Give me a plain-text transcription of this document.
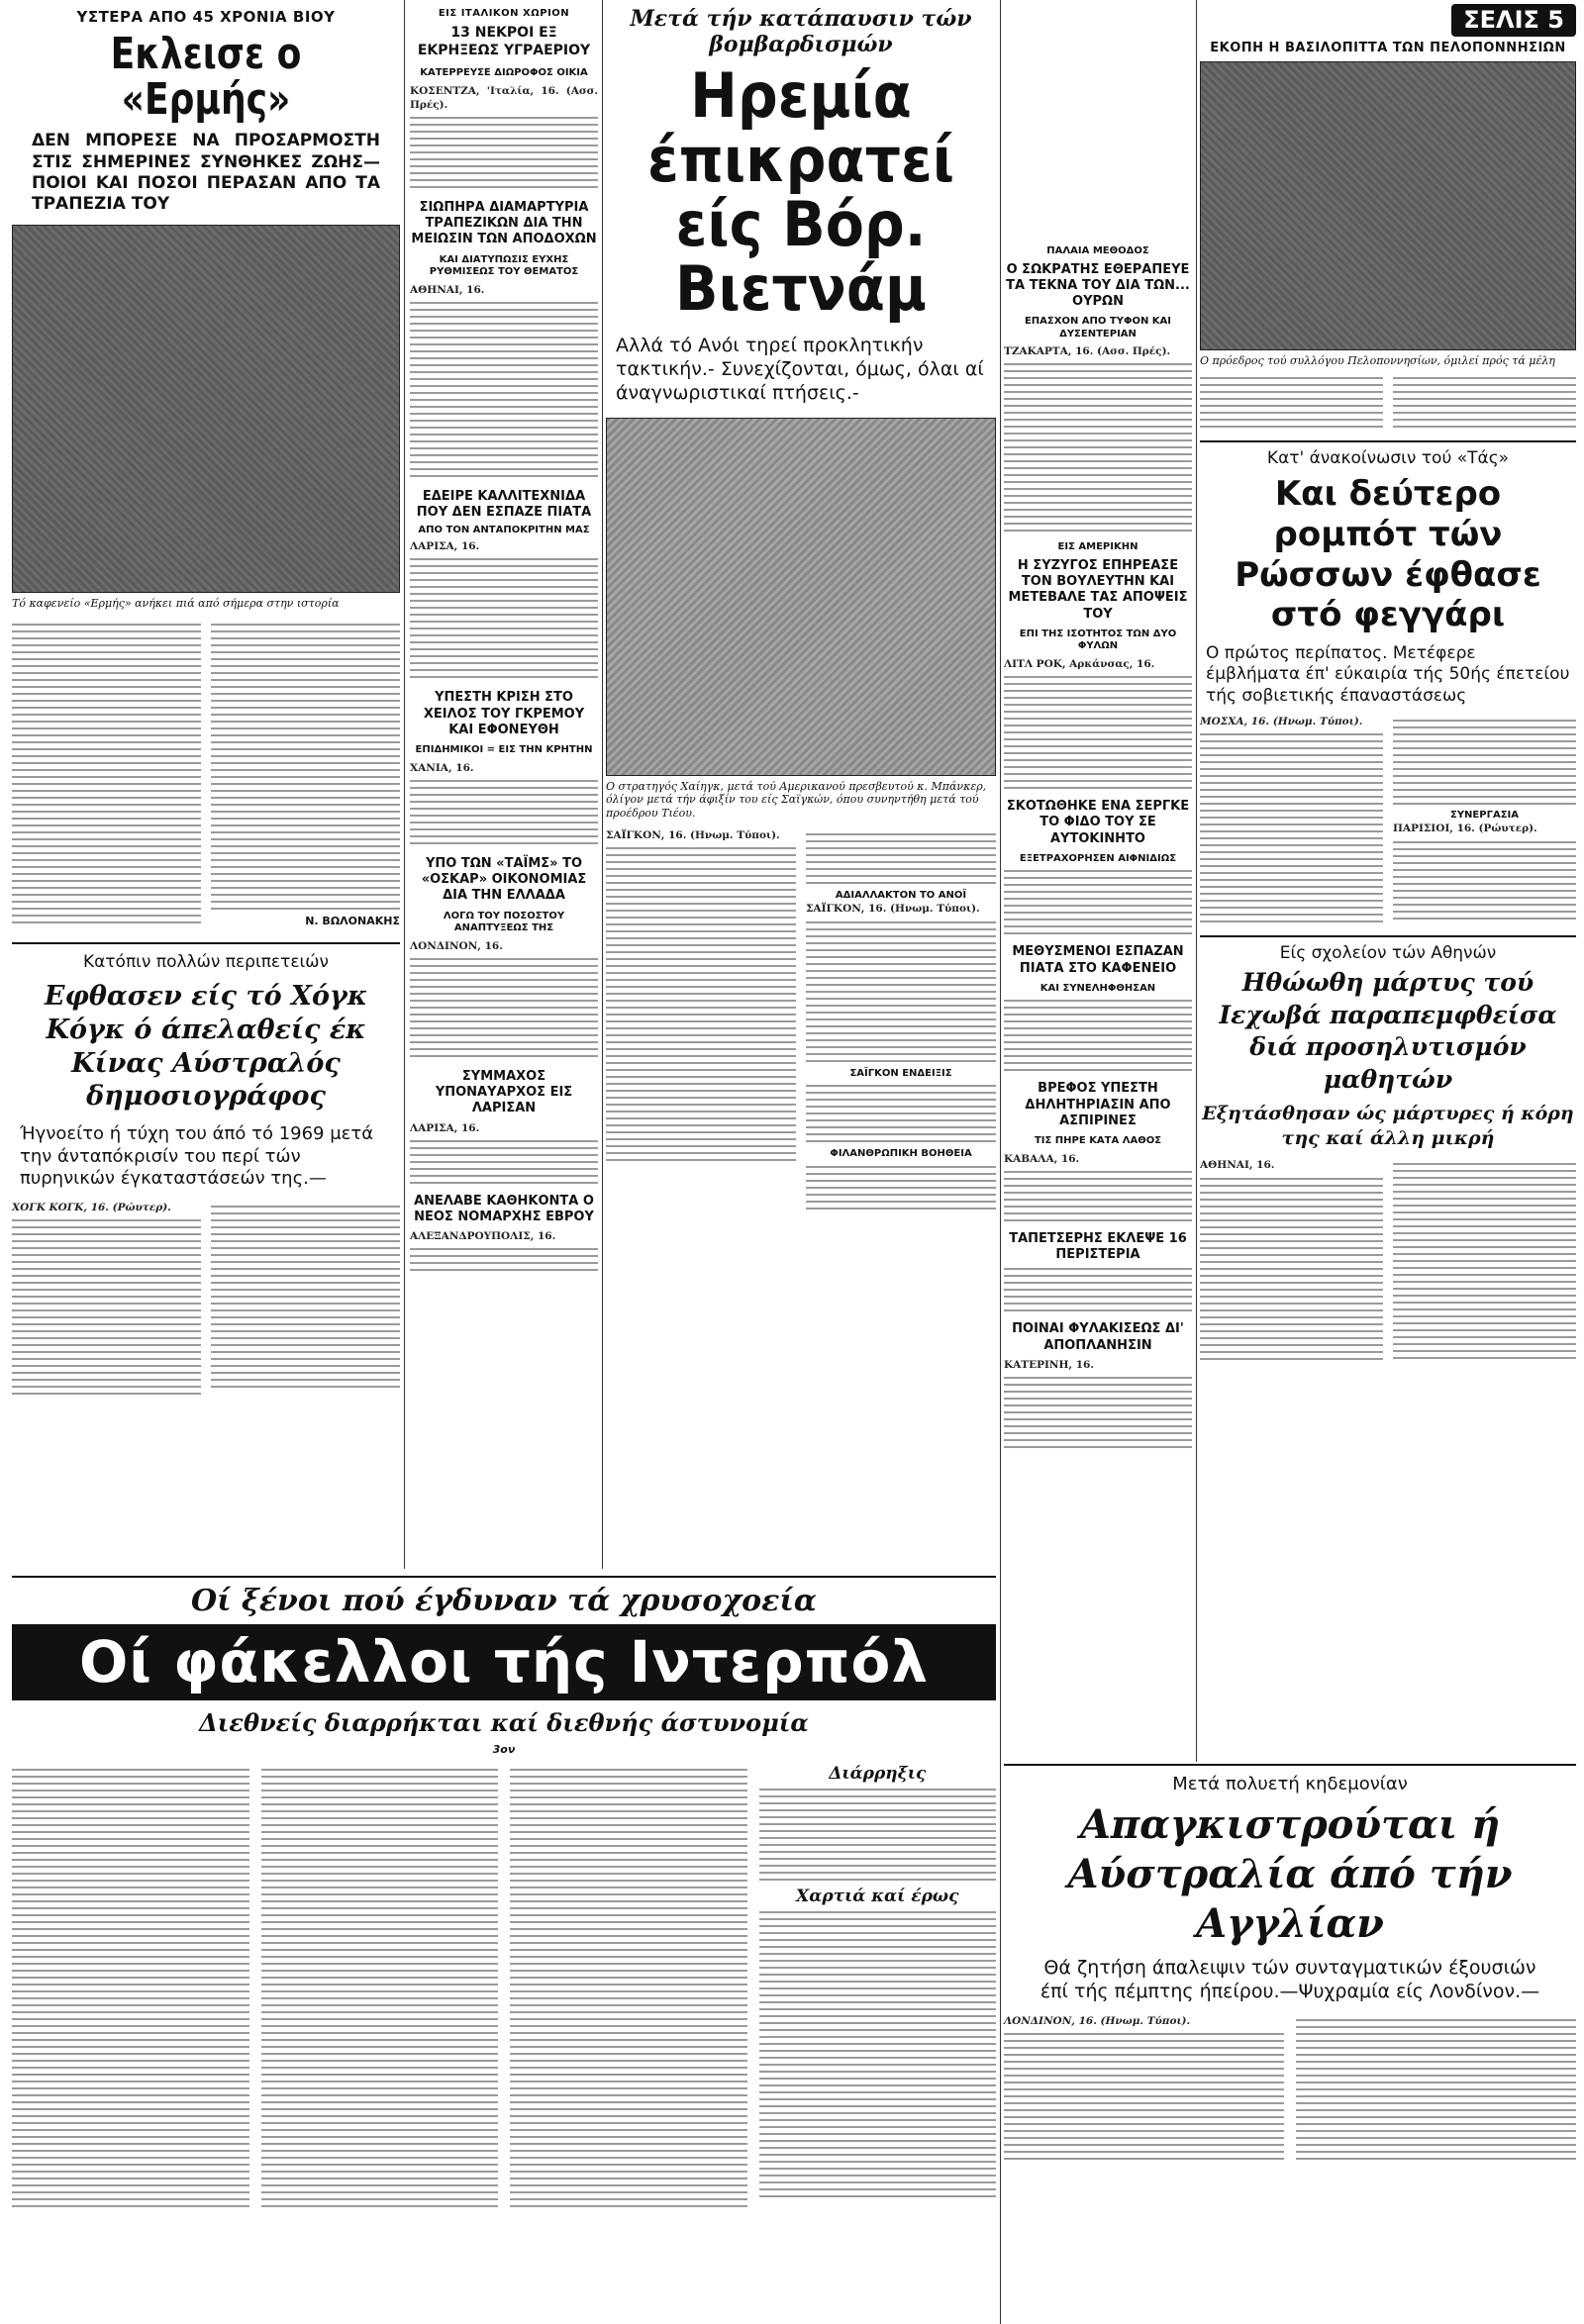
ΥΣΤΕΡΑ ΑΠΟ 45 ΧΡΟΝΙΑ ΒΙΟΥ
Εκλεισε ο «Ερμής»
ΔΕΝ ΜΠΟΡΕΣΕ ΝΑ ΠΡΟΣΑΡΜΟΣΤΗ ΣΤΙΣ ΣΗΜΕΡΙΝΕΣ ΣΥΝΘΗΚΕΣ ΖΩΗΣ— ΠΟΙΟΙ ΚΑΙ ΠΟΣΟΙ ΠΕΡΑΣΑΝ ΑΠΟ ΤΑ ΤΡΑΠΕΖΙΑ ΤΟΥ
Τό καφενείο «Ερμής» ανήκει πιά από σήμερα στην ιστορία
Ν. ΒΩΛΟΝΑΚΗΣ
Κατόπιν πολλών περιπετειών
Εφθασεν είς τό Χόγκ Κόγκ ό άπελαθείς έκ Κίνας Αύστραλός δημοσιογράφος
Ήγνοείτο ή τύχη του άπό τό 1969 μετά την άνταπόκρισίν του περί τών πυρηνικών έγκαταστάσεών της.—
ΧΟΓΚ ΚΟΓΚ, 16. (Ρώυτερ).
ΕΙΣ ΙΤΑΛΙΚΟΝ ΧΩΡΙΟΝ
13 ΝΕΚΡΟΙ ΕΞ ΕΚΡΗΞΕΩΣ ΥΓΡΑΕΡΙΟΥ
ΚΑΤΕΡΡΕΥΣΕ ΔΙΩΡΟΦΟΣ ΟΙΚΙΑ
ΚΟΣΕΝΤΖΑ, 'Ιταλία, 16. (Ασσ. Πρές).
ΣΙΩΠΗΡΑ ΔΙΑΜΑΡΤΥΡΙΑ ΤΡΑΠΕΖΙΚΩΝ ΔΙΑ ΤΗΝ ΜΕΙΩΣΙΝ ΤΩΝ ΑΠΟΔΟΧΩΝ
ΚΑΙ ΔΙΑΤΥΠΩΣΙΣ ΕΥΧΗΣ ΡΥΘΜΙΣΕΩΣ ΤΟΥ ΘΕΜΑΤΟΣ
ΑΘΗΝΑΙ, 16.
ΕΔΕΙΡΕ ΚΑΛΛΙΤΕΧΝΙΔΑ ΠΟΥ ΔΕΝ ΕΣΠΑΖΕ ΠΙΑΤΑ
ΑΠΟ ΤΟΝ ΑΝΤΑΠΟΚΡΙΤΗΝ ΜΑΣ
ΛΑΡΙΣΑ, 16.
ΥΠΕΣΤΗ ΚΡΙΣΗ ΣΤΟ ΧΕΙΛΟΣ ΤΟΥ ΓΚΡΕΜΟΥ ΚΑΙ ΕΦΟΝΕΥΘΗ
ΕΠΙΔΗΜΙΚΟΙ = ΕΙΣ ΤΗΝ ΚΡΗΤΗΝ
ΧΑΝΙΑ, 16.
ΥΠΟ ΤΩΝ «ΤΑΪΜΣ» ΤΟ «ΟΣΚΑΡ» ΟΙΚΟΝΟΜΙΑΣ ΔΙΑ ΤΗΝ ΕΛΛΑΔΑ
ΛΟΓΩ ΤΟΥ ΠΟΣΟΣΤΟΥ ΑΝΑΠΤΥΞΕΩΣ ΤΗΣ
ΛΟΝΔΙΝΟΝ, 16.
ΣΥΜΜΑΧΟΣ ΥΠΟΝΑΥΑΡΧΟΣ ΕΙΣ ΛΑΡΙΣΑΝ
ΛΑΡΙΣΑ, 16.
ΑΝΕΛΑΒΕ ΚΑΘΗΚΟΝΤΑ Ο ΝΕΟΣ ΝΟΜΑΡΧΗΣ ΕΒΡΟΥ
ΑΛΕΞΑΝΔΡΟΥΠΟΛΙΣ, 16.
Μετά τήν κατάπαυσιν τών βομβαρδισμών
Ηρεμία έπικρατεί είς Βόρ. Βιετνάμ
Αλλά τό Ανόι τηρεί προκλητικήν τακτικήν.- Συνεχίζονται, όμως, όλαι αί άναγνωριστικαί πτήσεις.-
Ο στρατηγός Χαίηγκ, μετά τού Αμερικανού πρεσβευτού κ. Μπάνκερ, όλίγον μετά τήν άφιξίν του είς Σαϊγκών, όπου συνηντήθη μετά τού προέδρου Τιέου.
ΣΑΪΓΚΟΝ, 16. (Ηνωμ. Τύποι).
ΑΔΙΑΛΛΑΚΤΟΝ ΤΟ ΑΝΟΪ
ΣΑΪΓΚΟΝ, 16. (Ηνωμ. Τύποι).
ΣΑΪΓΚΟΝ ΕΝΔΕΙΞΙΣ
ΦΙΛΑΝΘΡΩΠΙΚΗ ΒΟΗΘΕΙΑ
ΠΑΛΑΙΑ ΜΕΘΟΔΟΣ
Ο ΣΩΚΡΑΤΗΣ ΕΘΕΡΑΠΕΥΕ ΤΑ ΤΕΚΝΑ ΤΟΥ ΔΙΑ ΤΩΝ... ΟΥΡΩΝ
ΕΠΑΣΧΟΝ ΑΠΟ ΤΥΦΟΝ ΚΑΙ ΔΥΣΕΝΤΕΡΙΑΝ
ΤΖΑΚΑΡΤΑ, 16. (Ασσ. Πρές).
ΕΙΣ ΑΜΕΡΙΚΗΝ
Η ΣΥΖΥΓΟΣ ΕΠΗΡΕΑΣΕ ΤΟΝ ΒΟΥΛΕΥΤΗΝ ΚΑΙ ΜΕΤΕΒΑΛΕ ΤΑΣ ΑΠΟΨΕΙΣ ΤΟΥ
ΕΠΙ ΤΗΣ ΙΣΟΤΗΤΟΣ ΤΩΝ ΔΥΟ ΦΥΛΩΝ
ΛΙΤΛ ΡΟΚ, Αρκάνσας, 16.
ΣΚΟΤΩΘΗΚΕ ΕΝΑ ΣΕΡΓΚΕ ΤΟ ΦΙΔΟ ΤΟΥ ΣΕ ΑΥΤΟΚΙΝΗΤΟ
ΕΞΕΤΡΑΧΟΡΗΣΕΝ ΑΙΦΝΙΔΙΩΣ
ΜΕΘΥΣΜΕΝΟΙ ΕΣΠΑΖΑΝ ΠΙΑΤΑ ΣΤΟ ΚΑΦΕΝΕΙΟ
ΚΑΙ ΣΥΝΕΛΗΦΘΗΣΑΝ
ΒΡΕΦΟΣ ΥΠΕΣΤΗ ΔΗΛΗΤΗΡΙΑΣΙΝ ΑΠΟ ΑΣΠΙΡΙΝΕΣ
ΤΙΣ ΠΗΡΕ ΚΑΤΑ ΛΑΘΟΣ
ΚΑΒΑΛΑ, 16.
ΤΑΠΕΤΣΕΡΗΣ ΕΚΛΕΨΕ 16 ΠΕΡΙΣΤΕΡΙΑ
ΠΟΙΝΑΙ ΦΥΛΑΚΙΣΕΩΣ ΔΙ' ΑΠΟΠΛΑΝΗΣΙΝ
ΚΑΤΕΡΙΝΗ, 16.
ΣΕΛΙΣ 5
ΕΚΟΠΗ Η ΒΑΣΙΛΟΠΙΤΤΑ ΤΩΝ ΠΕΛΟΠΟΝΝΗΣΙΩΝ
Ο πρόεδρος τού συλλόγου Πελοποννησίων, όμιλεί πρός τά μέλη
Κατ' άνακοίνωσιν τού «Τάς»
Και δεύτερο ρομπότ τών Ρώσσων έφθασε στό φεγγάρι
Ο πρώτος περίπατος. Μετέφερε έμβλήματα έπ' εύκαιρία τής 50ής έπετείου τής σοβιετικής έπαναστάσεως
ΜΟΣΧΑ, 16. (Ηνωμ. Τύποι).
ΣΥΝΕΡΓΑΣΙΑ
ΠΑΡΙΣΙΟΙ, 16. (Ρώυτερ).
Είς σχολείον τών Αθηνών
Ηθώωθη μάρτυς τού Ιεχωβά παραπεμφθείσα διά προσηλυτισμόν μαθητών
Εξητάσθησαν ώς μάρτυρες ή κόρη της καί άλλη μικρή
ΑΘΗΝΑΙ, 16.
Μετά πολυετή κηδεμονίαν
Απαγκιστρούται ή Αύστραλία άπό τήν Αγγλίαν
Θά ζητήση άπαλειψιν τών συνταγματικών έξουσιών έπί τής πέμπτης ήπείρου.—Ψυχραμία είς Λονδίνον.—
ΛΟΝΔΙΝΟΝ, 16. (Ηνωμ. Τύποι).
Οί ξένοι πού έγδυναν τά χρυσοχοεία
Οί φάκελλοι τής Ιντερπόλ
Διεθνείς διαρρήκται καί διεθνής άστυνομία
3ον
Διάρρηξις
Χαρτιά καί έρως
